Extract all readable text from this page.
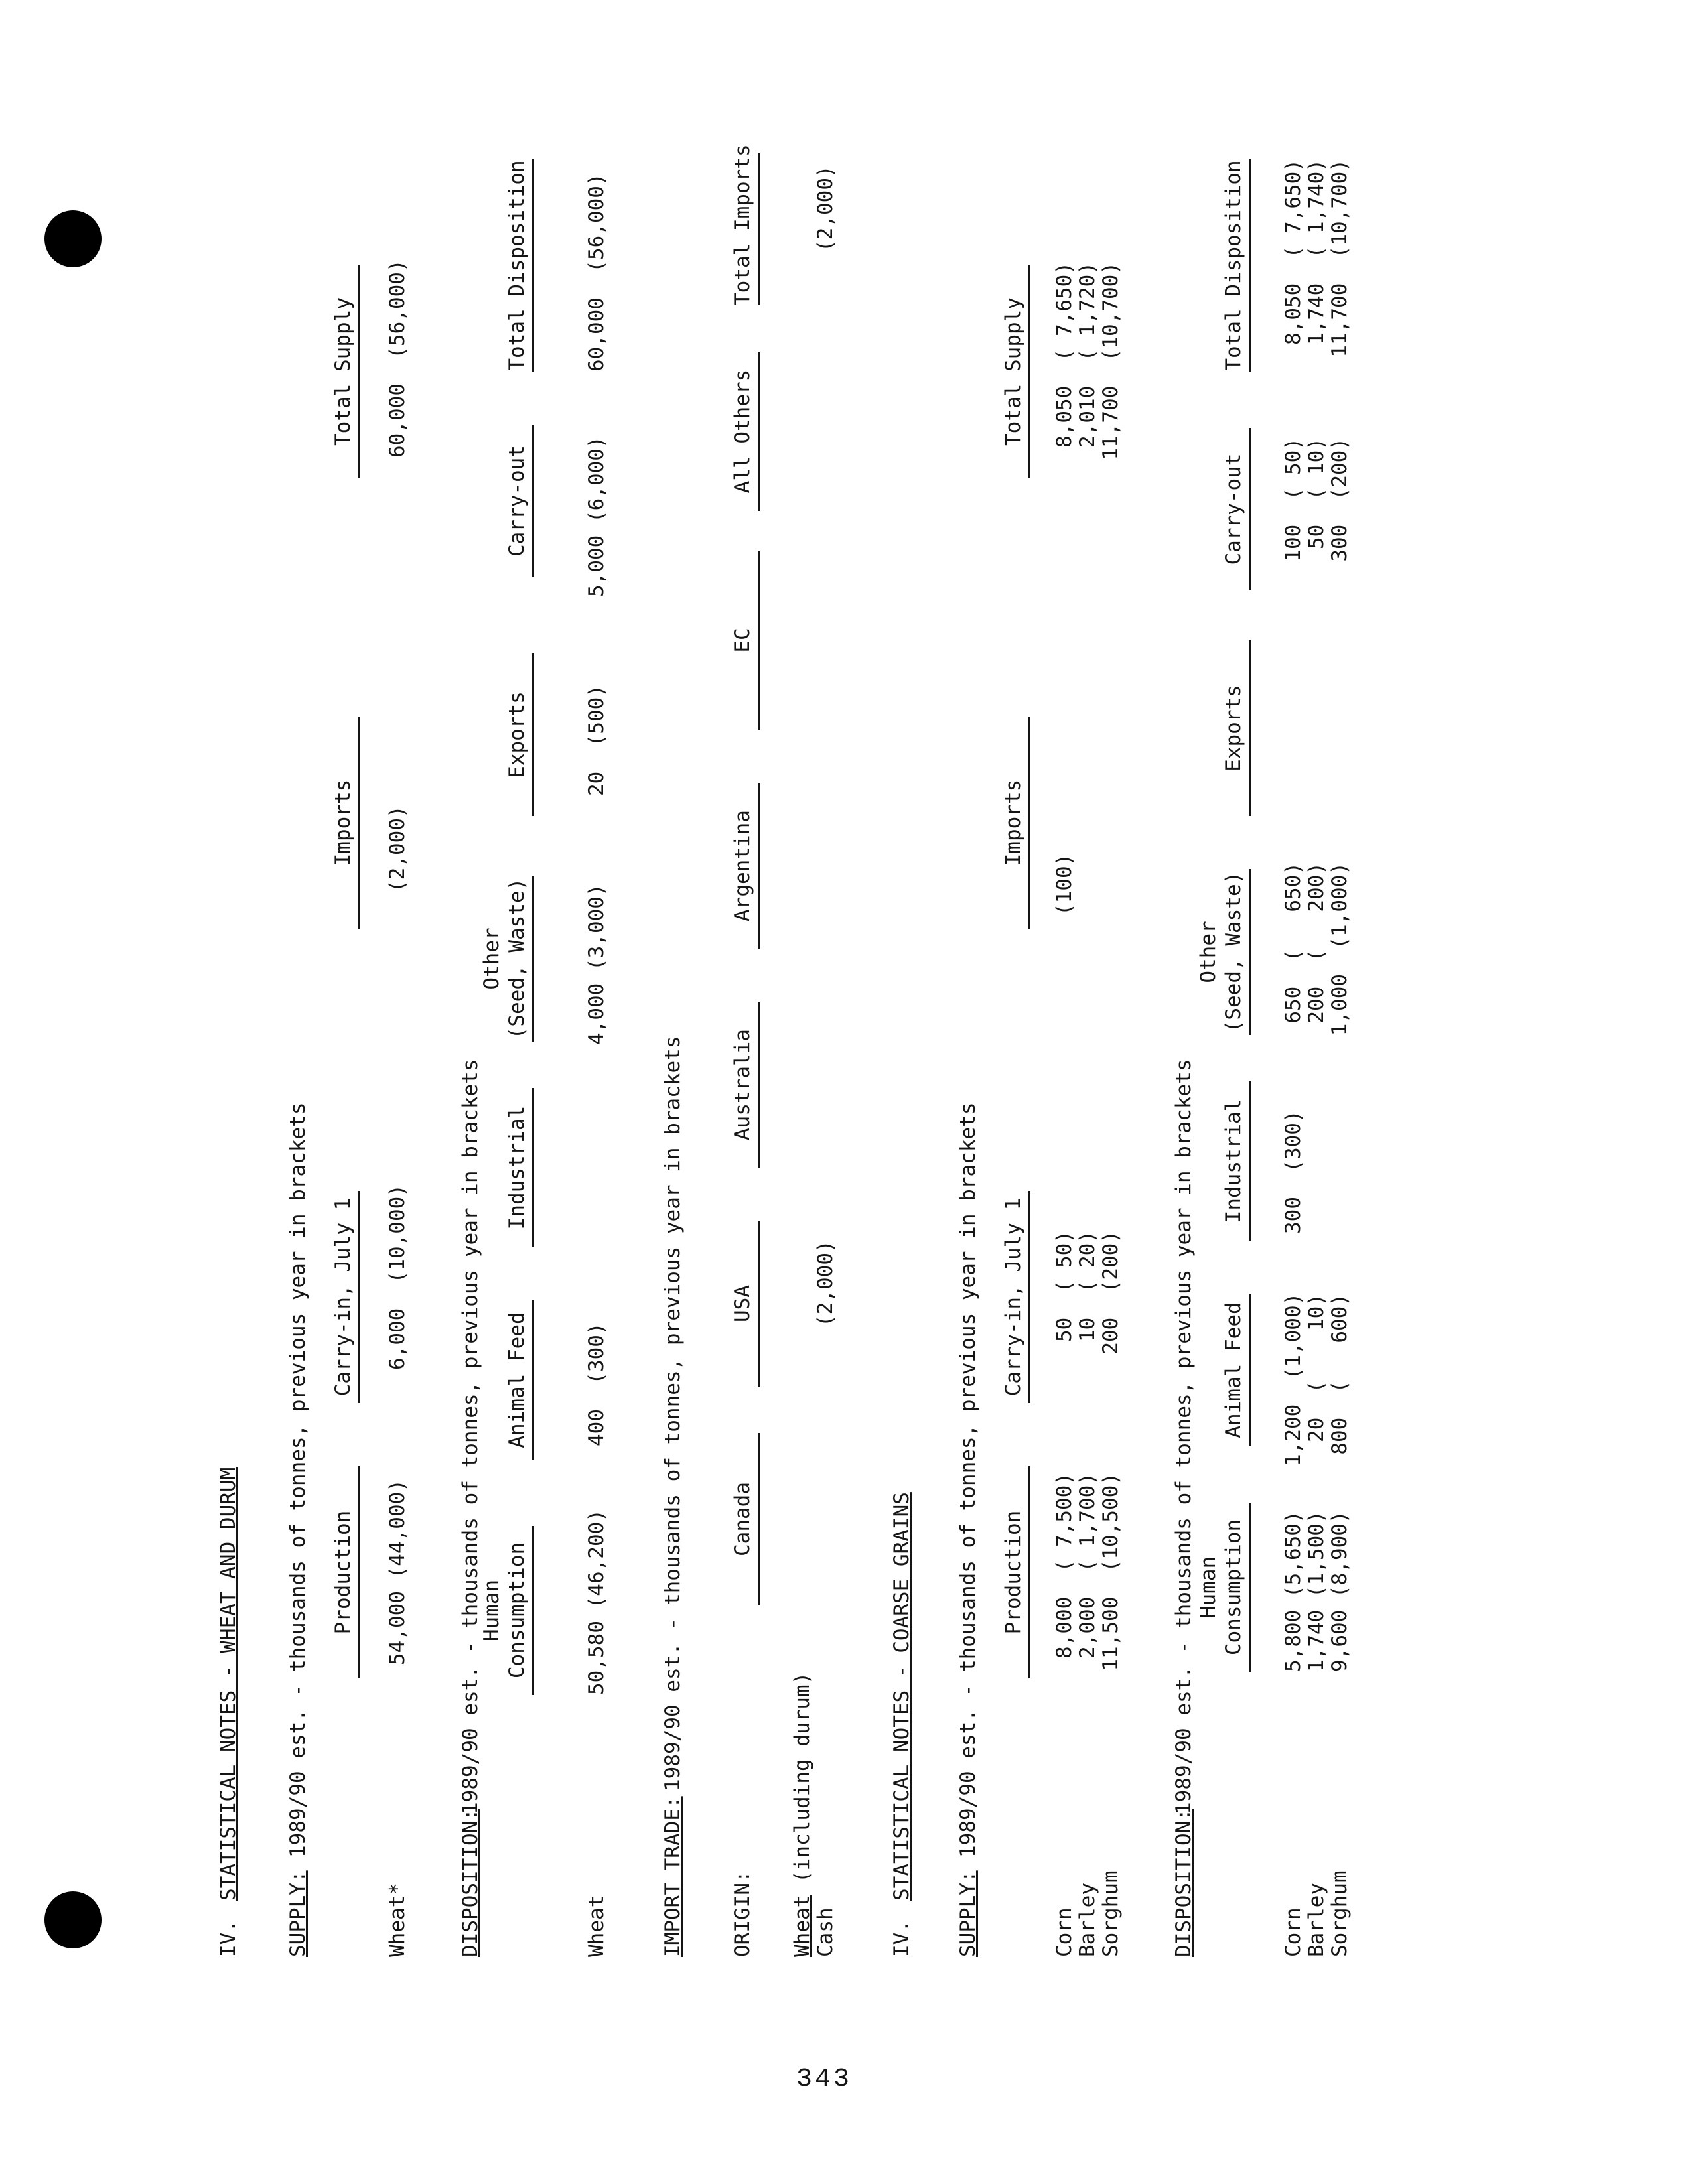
IV.
STATISTICAL NOTES - WHEAT AND DURUM
SUPPLY:
1989/90 est. - thousands of tonnes, previous year in brackets Production
Carry-in, July 1
Imports
Total Supply
Wheat*
54,000 (44,000)
6,000  (10,000)
(2,000)
60,000  (56,000)
DISPOSITION:
1989/90 est. - thousands of tonnes, previous year in brackets
Human
Consumption
Animal Feed
Industrial
Other
(Seed, Waste)
Exports
Carry-out
Total Disposition
Wheat
50,580 (46,200)
400  (300)
4,000 (3,000)
20  (500)
5,000 (6,000)
60,000  (56,000)
IMPORT TRADE:
1989/90 est. - thousands of tonnes, previous year in brackets
ORIGIN:
Canada
USA
Australia
Argentina
EC
All Others
Total Imports
Wheat (including durum)
Cash
(2,000)
(2,000)
IV.
STATISTICAL NOTES - COARSE GRAINS
SUPPLY:
1989/90 est. - thousands of tonnes, previous year in brackets Production
Carry-in, July 1
Imports
Total Supply
Corn
8,000  ( 7,500)
50  ( 50)
(100)
8,050  ( 7,650)
Barley
2,000  ( 1,700)
10  ( 20)
2,010  ( 1,720)
Sorghum
11,500  (10,500)
200  (200)
11,700  (10,700)
DISPOSITION:
1989/90 est. - thousands of tonnes, previous year in brackets Human
Consumption
Animal Feed
Industrial
Other
(Seed, Waste)
Exports
Carry-out
Total Disposition
Corn
5,800 (5,650)
1,200  (1,000)
300  (300)
650  (   650)
100  ( 50)
8,050  ( 7,650)
Barley
1,740 (1,500)
20  (    10)
200  (   200)
50  ( 10)
1,740  ( 1,740)
Sorghum
9,600 (8,900)
800  (   600)
1,000  (1,000)
300  (200)
11,700  (10,700)
343
